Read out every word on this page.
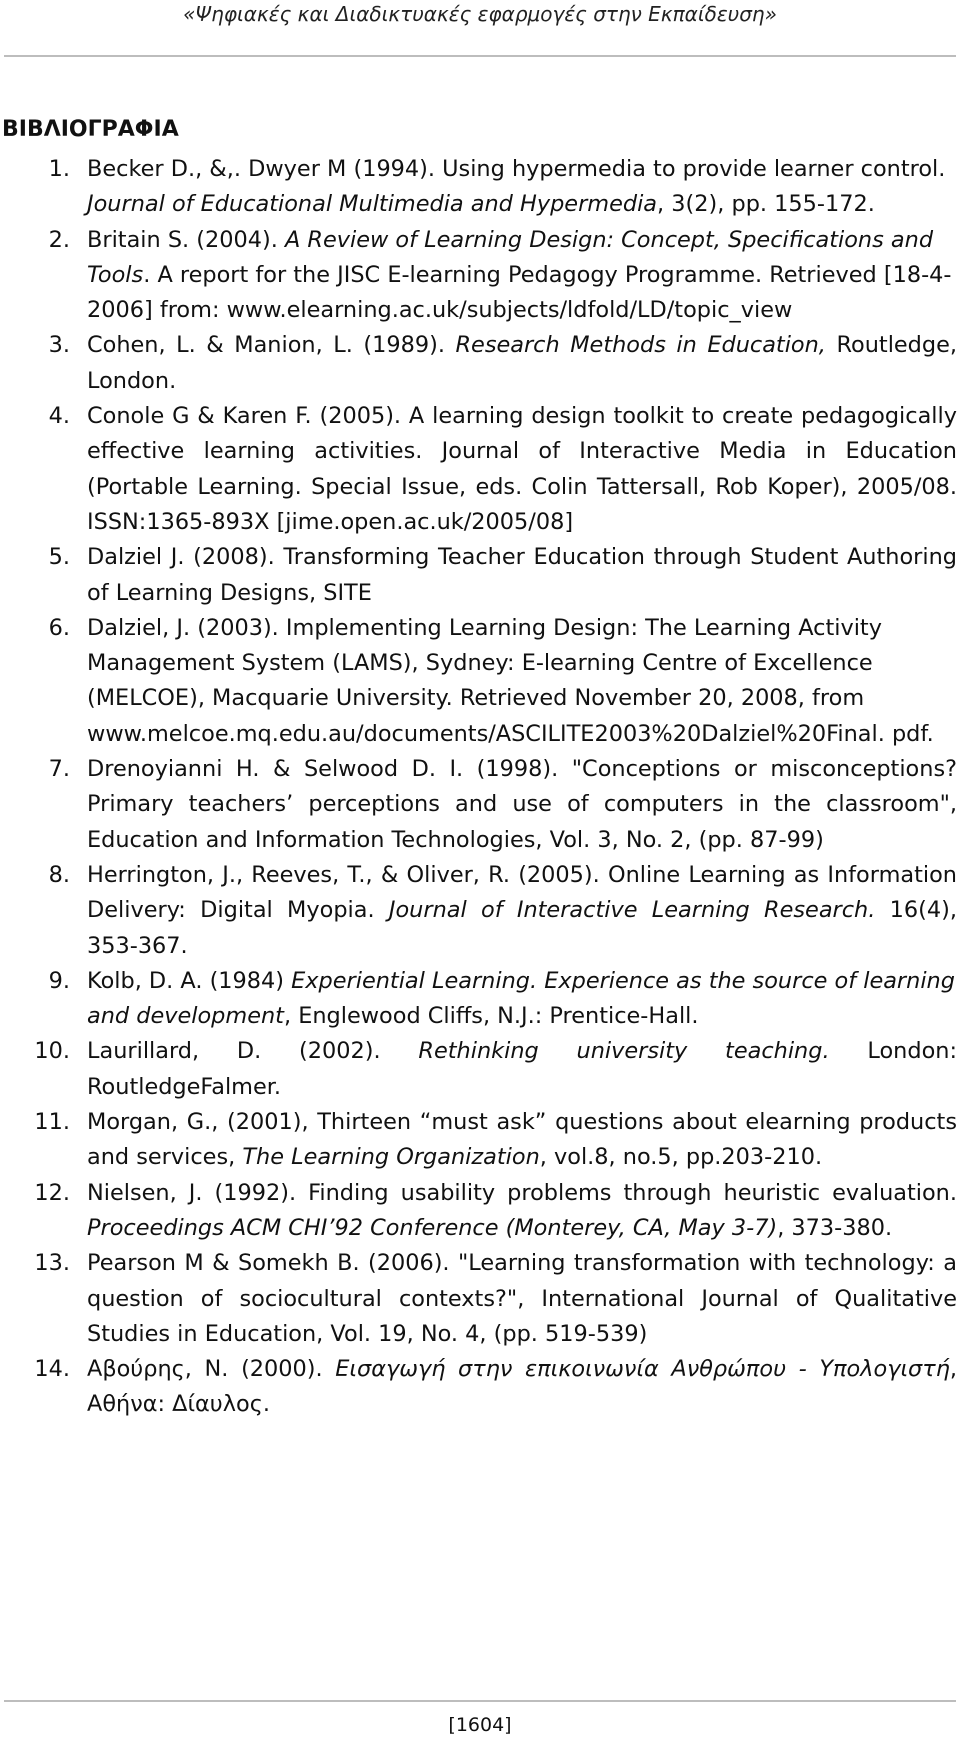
«Ψηφιακές και Διαδικτυακές εφαρμογές στην Εκπαίδευση»
ΒΙΒΛΙΟΓΡΑΦΙΑ
1. Becker D., &,. Dwyer M (1994). Using hypermedia to provide learner control. Journal of Educational Multimedia and Hypermedia, 3(2), pp. 155-172.
2. Britain S. (2004). A Review of Learning Design: Concept, Specifications and Tools. A report for the JISC E-learning Pedagogy Programme. Retrieved [18-4-2006] from: www.elearning.ac.uk/subjects/ldfold/LD/topic_view
3. Cohen, L. & Manion, L. (1989). Research Methods in Education, Routledge, London.
4. Conole G & Karen F. (2005). A learning design toolkit to create pedagogically effective learning activities. Journal of Interactive Media in Education (Portable Learning. Special Issue, eds. Colin Tattersall, Rob Koper), 2005/08. ISSN:1365-893X [jime.open.ac.uk/2005/08]
5. Dalziel J. (2008). Transforming Teacher Education through Student Authoring of Learning Designs, SITE
6. Dalziel, J. (2003). Implementing Learning Design: The Learning Activity Management System (LAMS), Sydney: E-learning Centre of Excellence (MELCOE), Macquarie University. Retrieved November 20, 2008, from www.melcoe.mq.edu.au/documents/ASCILITE2003%20Dalziel%20Final. pdf.
7. Drenoyianni H. & Selwood D. I. (1998). "Conceptions or misconceptions? Primary teachers’ perceptions and use of computers in the classroom", Education and Information Technologies, Vol. 3, No. 2, (pp. 87-99)
8. Herrington, J., Reeves, T., & Oliver, R. (2005). Online Learning as Information Delivery: Digital Myopia. Journal of Interactive Learning Research. 16(4), 353-367.
9. Kolb, D. A. (1984) Experiential Learning. Experience as the source of learning and development, Englewood Cliffs, N.J.: Prentice-Hall.
10. Laurillard, D. (2002). Rethinking university teaching. London: RoutledgeFalmer.
11. Morgan, G., (2001), Thirteen “must ask” questions about elearning products and services, The Learning Organization, vol.8, no.5, pp.203-210.
12. Nielsen, J. (1992). Finding usability problems through heuristic evaluation. Proceedings ACM CHI’92 Conference (Monterey, CA, May 3-7), 373-380.
13. Pearson M & Somekh B. (2006). "Learning transformation with technology: a question of sociocultural contexts?", International Journal of Qualitative Studies in Education, Vol. 19, No. 4, (pp. 519-539)
14. Αβούρης, Ν. (2000). Εισαγωγή στην επικοινωνία Ανθρώπου - Υπολογιστή, Αθήνα: Δίαυλος.
[1604]
